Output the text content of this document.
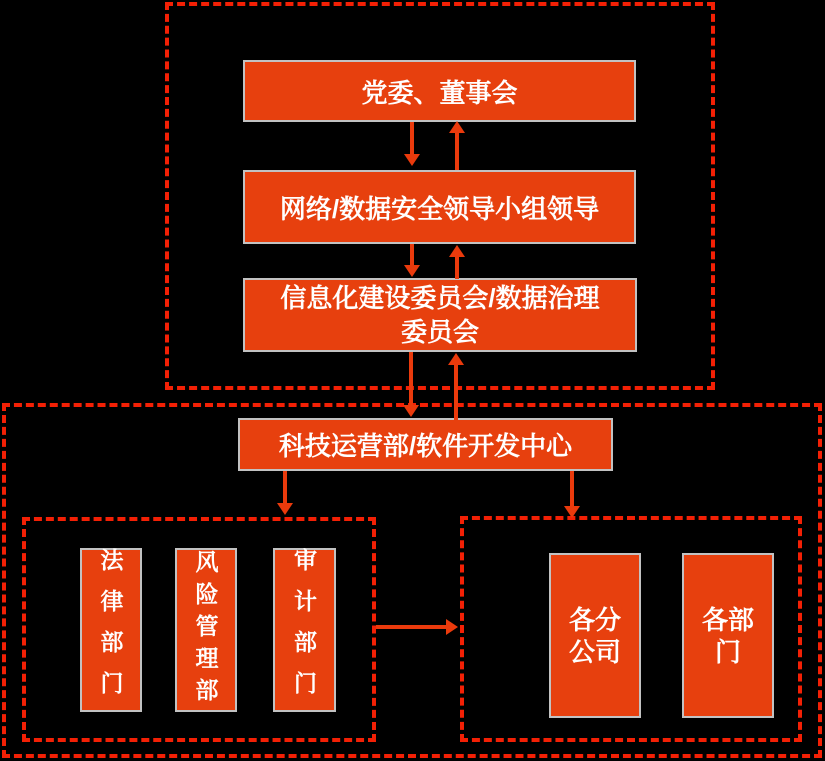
党委、董事会
网络/数据安全领导小组领导
信息化建设委员会/数据治理
委员会
科技运营部/软件开发中心
法律部门	风险管理部	审计部门	各分
公司
各部
门
